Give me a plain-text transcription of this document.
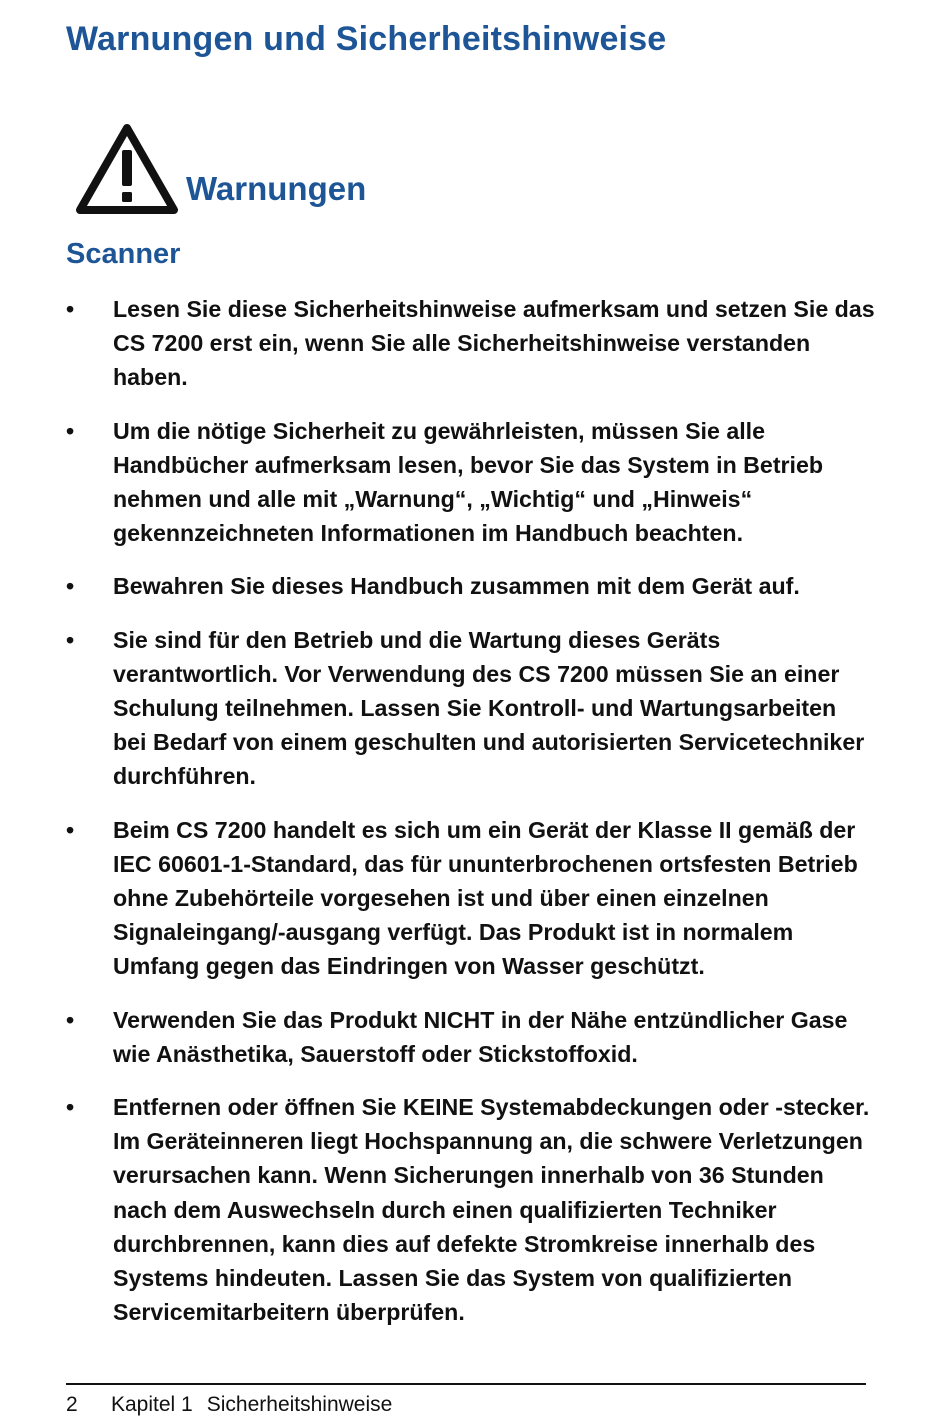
Warnungen und Sicherheitshinweise
Warnungen
Scanner
• Lesen Sie diese Sicherheitshinweise aufmerksam und setzen Sie das CS 7200 erst ein, wenn Sie alle Sicherheitshinweise verstanden haben.
• Um die nötige Sicherheit zu gewährleisten, müssen Sie alle Handbücher aufmerksam lesen, bevor Sie das System in Betrieb nehmen und alle mit „Warnung“, „Wichtig“ und „Hinweis“ gekennzeichneten Informationen im Handbuch beachten.
• Bewahren Sie dieses Handbuch zusammen mit dem Gerät auf.
• Sie sind für den Betrieb und die Wartung dieses Geräts verantwortlich. Vor Verwendung des CS 7200 müssen Sie an einer Schulung teilnehmen. Lassen Sie Kontroll- und Wartungsarbeiten bei Bedarf von einem geschulten und autorisierten Servicetechniker durchführen.
• Beim CS 7200 handelt es sich um ein Gerät der Klasse II gemäß der IEC 60601-1-Standard, das für ununterbrochenen ortsfesten Betrieb ohne Zubehörteile vorgesehen ist und über einen einzelnen Signaleingang/-ausgang verfügt. Das Produkt ist in normalem Umfang gegen das Eindringen von Wasser geschützt.
• Verwenden Sie das Produkt NICHT in der Nähe entzündlicher Gase wie Anästhetika, Sauerstoff oder Stickstoffoxid.
• Entfernen oder öffnen Sie KEINE Systemabdeckungen oder -stecker. Im Geräteinneren liegt Hochspannung an, die schwere Verletzungen verursachen kann. Wenn Sicherungen innerhalb von 36 Stunden nach dem Auswechseln durch einen qualifizierten Techniker durchbrennen, kann dies auf defekte Stromkreise innerhalb des Systems hindeuten. Lassen Sie das System von qualifizierten Servicemitarbeitern überprüfen.
2 Kapitel 1 Sicherheitshinweise
